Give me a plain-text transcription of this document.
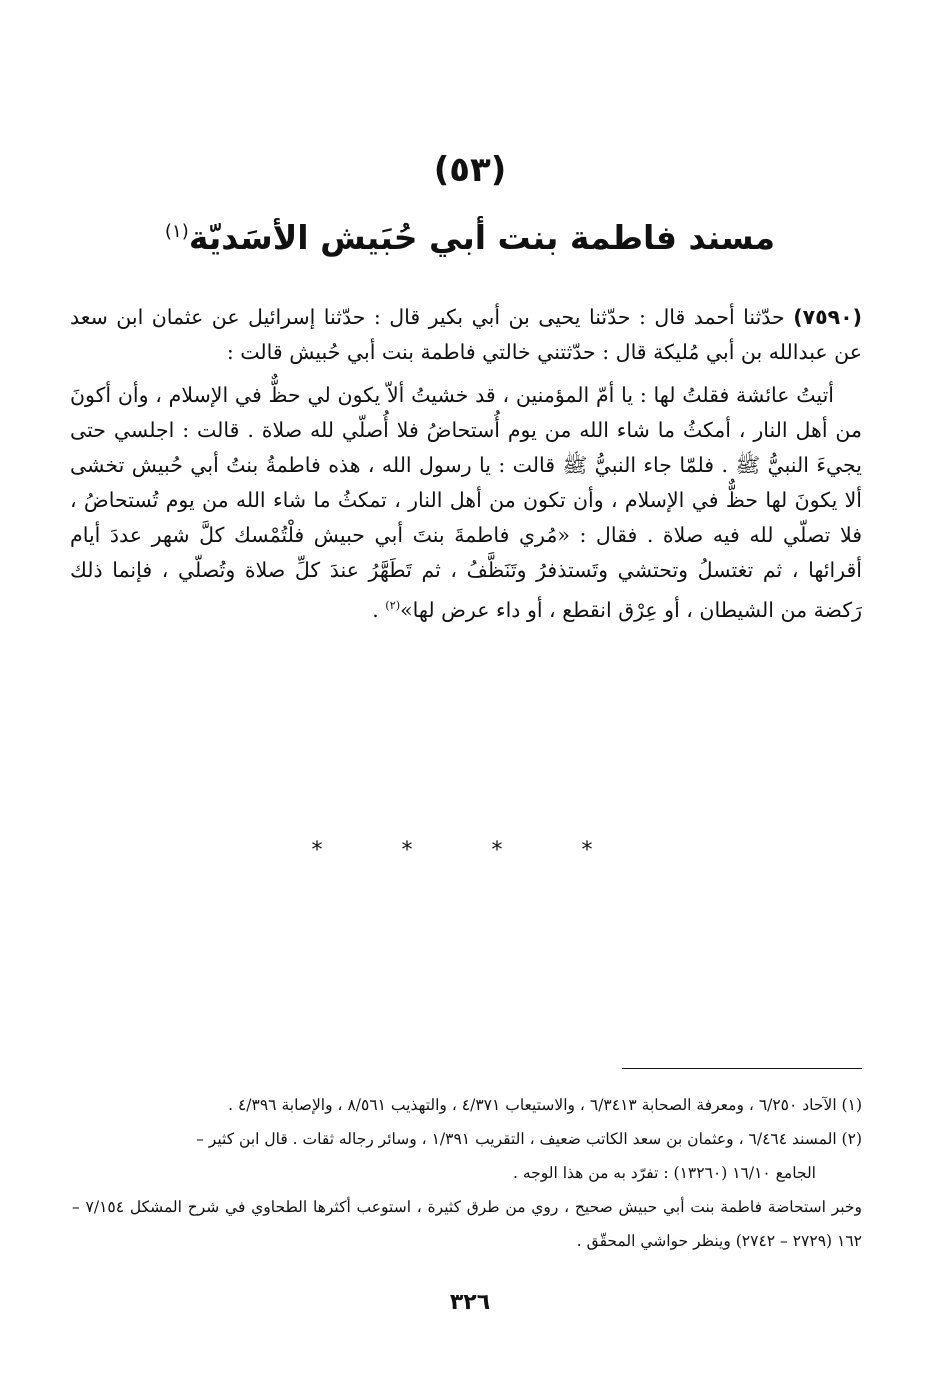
(٥٣)
مسند فاطمة بنت أبي حُبَيش الأسَديّة$^{(١)}$

(٧٥٩٠) حدّثنا أحمد قال : حدّثنا يحيى بن أبي بكير قال : حدّثنا إسرائيل عن عثمان ابن سعد عن عبدالله بن أبي مُليكة قال : حدّثتني خالتي فاطمة بنت أبي حُبيش قالت :

أتيتُ عائشة فقلتُ لها : يا أمّ المؤمنين ، قد خشيتُ ألاّ يكون لي حظٌّ في الإسلام ، وأن أكونَ من أهل النار ، أمكثُ ما شاء الله من يوم أُستحاضُ فلا أُصلّي لله صلاة . قالت : اجلسي حتى يجيءَ النبيُّ ﷺ . فلمّا جاء النبيُّ ﷺ قالت : يا رسول الله ، هذه فاطمةُ بنتُ أبي حُبيش تخشى ألا يكونَ لها حظٌّ في الإسلام ، وأن تكون من أهل النار ، تمكثُ ما شاء الله من يوم تُستحاضُ ، فلا تصلّي لله فيه صلاة . فقال : «مُري فاطمةَ بنتَ أبي حبيش فلْتُمْسك كلَّ شهر عددَ أيام أقرائها ، ثم تغتسلُ وتحتشي وتَستذفرُ وتَنَظَّفُ ، ثم تَطَهَّرُ عندَ كلِّ صلاة وتُصلّي ، فإنما ذلك رَكضة من الشيطان ، أو عِرْق انقطع ، أو داء عرض لها»$^{(٢)}$ .

* * * *

(١) الآحاد ٦/٢٥٠ ، ومعرفة الصحابة ٦/٣٤١٣ ، والاستيعاب ٤/٣٧١ ، والتهذيب ٨/٥٦١ ، والإصابة ٤/٣٩٦ .

(٢) المسند ٦/٤٦٤ ، وعثمان بن سعد الكاتب ضعيف ، التقريب ١/٣٩١ ، وسائر رجاله ثقات . قال ابن كثير –

الجامع ١٦/١٠ (١٣٢٦٠) : تفرّد به من هذا الوجه .

وخبر استحاضة فاطمة بنت أبي حبيش صحيح ، روي من طرق كثيرة ، استوعب أكثرها الطحاوي في شرح المشكل ٧/١٥٤ – ١٦٢ (٢٧٢٩ – ٢٧٤٢) وينظر حواشي المحقّق .

٣٢٦
